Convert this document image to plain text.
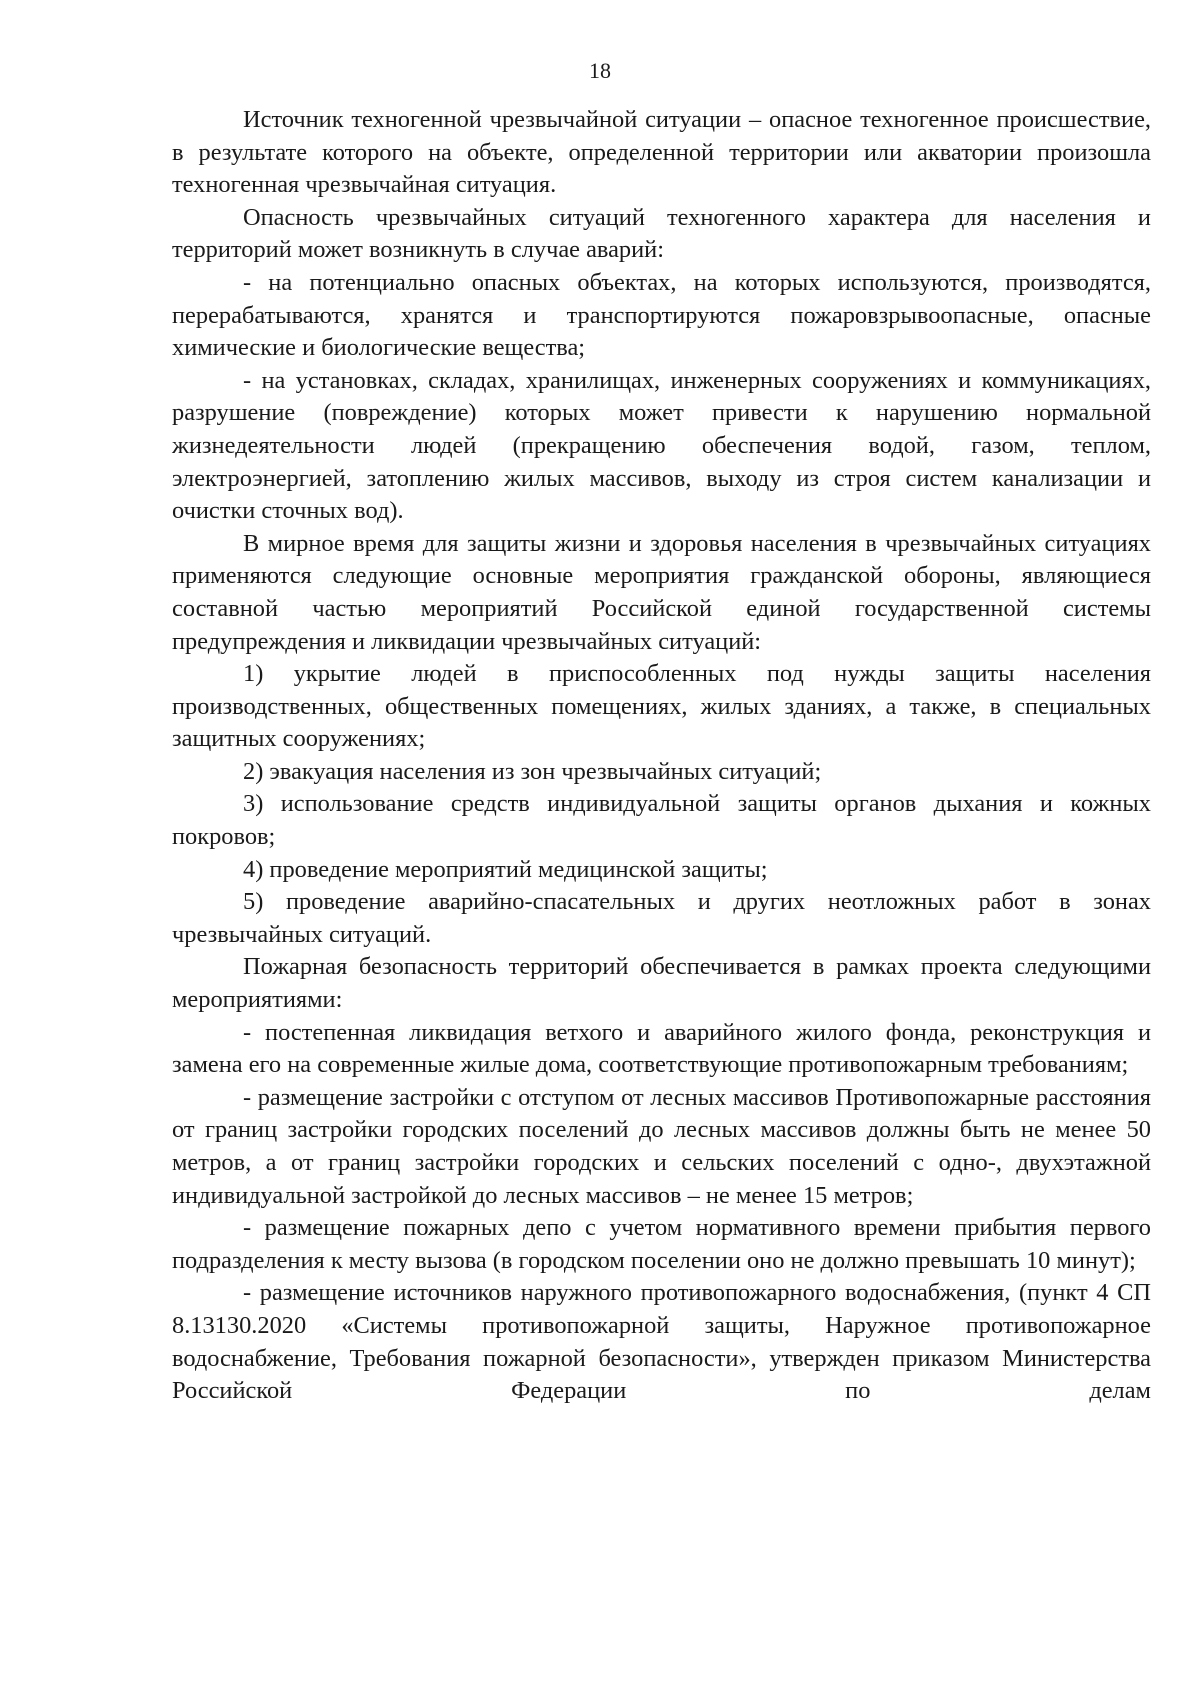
18

Источник техногенной чрезвычайной ситуации – опасное техногенное происшествие, в результате которого на объекте, определенной территории или акватории произошла техногенная чрезвычайная ситуация.

Опасность чрезвычайных ситуаций техногенного характера для населения и территорий может возникнуть в случае аварий:

- на потенциально опасных объектах, на которых используются, производятся, перерабатываются, хранятся и транспортируются пожаровзрывоопасные, опасные химические и биологические вещества;

- на установках, складах, хранилищах, инженерных сооружениях и коммуникациях, разрушение (повреждение) которых может привести к нарушению нормальной жизнедеятельности людей (прекращению обеспечения водой, газом, теплом, электроэнергией, затоплению жилых массивов, выходу из строя систем канализации и очистки сточных вод).

В мирное время для защиты жизни и здоровья населения в чрезвычайных ситуациях применяются следующие основные мероприятия гражданской обороны, являющиеся составной частью мероприятий Российской единой государственной системы предупреждения и ликвидации чрезвычайных ситуаций:

1) укрытие людей в приспособленных под нужды защиты населения производственных, общественных помещениях, жилых зданиях, а также, в специальных защитных сооружениях;

2) эвакуация населения из зон чрезвычайных ситуаций;

3) использование средств индивидуальной защиты органов дыхания и кожных покровов;

4) проведение мероприятий медицинской защиты;

5) проведение аварийно-спасательных и других неотложных работ в зонах чрезвычайных ситуаций.

Пожарная безопасность территорий обеспечивается в рамках проекта следующими мероприятиями:

- постепенная ликвидация ветхого и аварийного жилого фонда, реконструкция и замена его на современные жилые дома, соответствующие противопожарным требованиям;

- размещение застройки с отступом от лесных массивов Противопожарные расстояния от границ застройки городских поселений до лесных массивов должны быть не менее 50 метров, а от границ застройки городских и сельских поселений с одно-, двухэтажной индивидуальной застройкой до лесных массивов – не менее 15 метров;

- размещение пожарных депо с учетом нормативного времени прибытия первого подразделения к месту вызова (в городском поселении оно не должно превышать 10 минут);

- размещение источников наружного противопожарного водоснабжения, (пункт 4 СП 8.13130.2020 «Системы противопожарной защиты, Наружное противопожарное водоснабжение, Требования пожарной безопасности», утвержден приказом Министерства Российской Федерации по делам
